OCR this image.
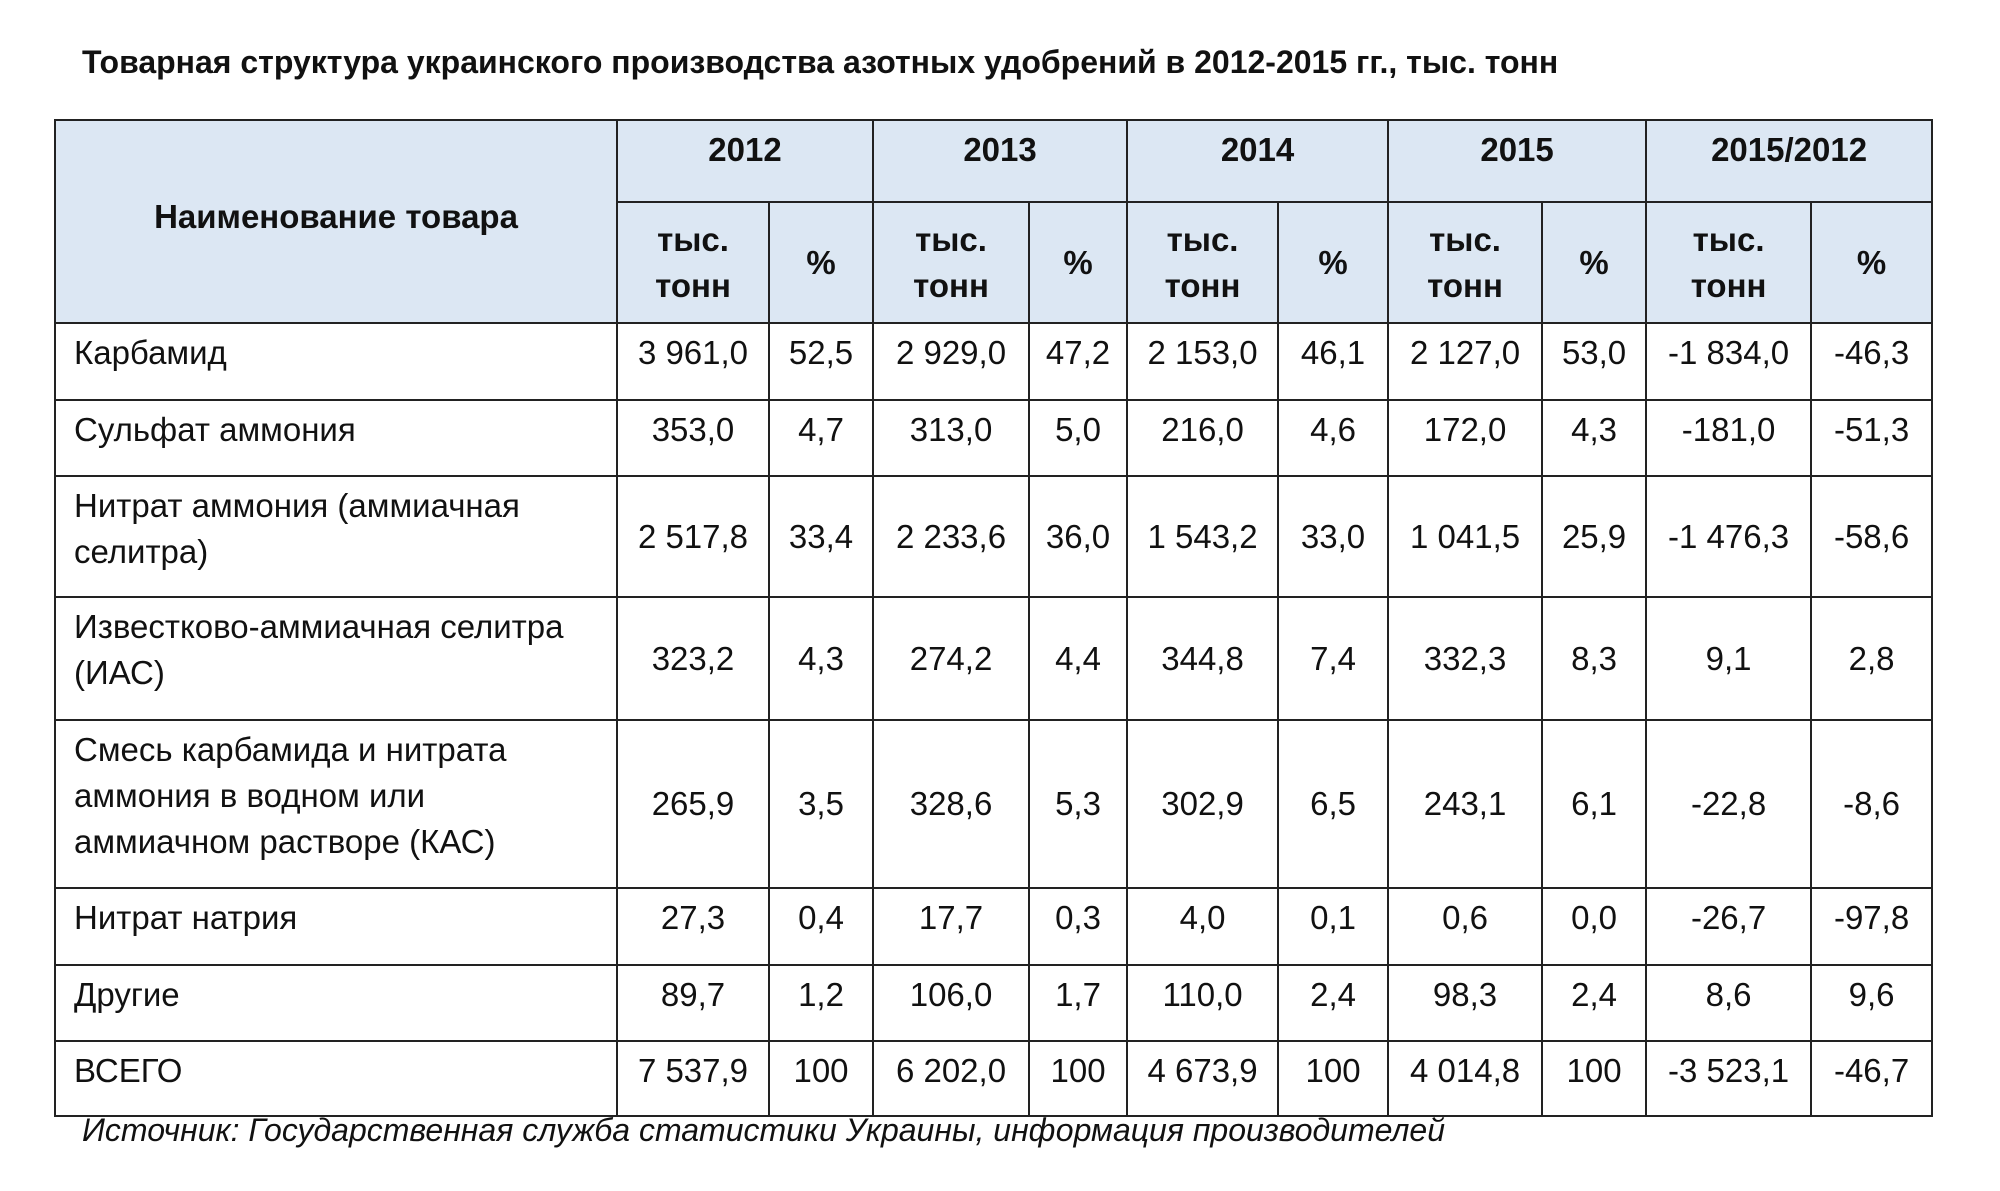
Товарная структура украинского производства азотных удобрений в 2012-2015 гг., тыс. тонн
Наименование товара	2012		2013		2014		2015		2015/2012	
	тыс. тонн	%	тыс. тонн	%	тыс. тонн	%	тыс. тонн	%	тыс. тонн	%
Карбамид	3 961,0	52,5	2 929,0	47,2	2 153,0	46,1	2 127,0	53,0	-1 834,0	-46,3
Сульфат аммония	353,0	4,7	313,0	5,0	216,0	4,6	172,0	4,3	-181,0	-51,3
Нитрат аммония (аммиачная селитра)	2 517,8	33,4	2 233,6	36,0	1 543,2	33,0	1 041,5	25,9	-1 476,3	-58,6
Известково-аммиачная селитра (ИАС)	323,2	4,3	274,2	4,4	344,8	7,4	332,3	8,3	9,1	2,8
Смесь карбамида и нитрата аммония в водном или аммиачном растворе (КАС)	265,9	3,5	328,6	5,3	302,9	6,5	243,1	6,1	-22,8	-8,6
Нитрат натрия	27,3	0,4	17,7	0,3	4,0	0,1	0,6	0,0	-26,7	-97,8
Другие	89,7	1,2	106,0	1,7	110,0	2,4	98,3	2,4	8,6	9,6
ВСЕГО	7 537,9	100	6 202,0	100	4 673,9	100	4 014,8	100	-3 523,1	-46,7
Источник: Государственная служба статистики Украины, информация производителей
